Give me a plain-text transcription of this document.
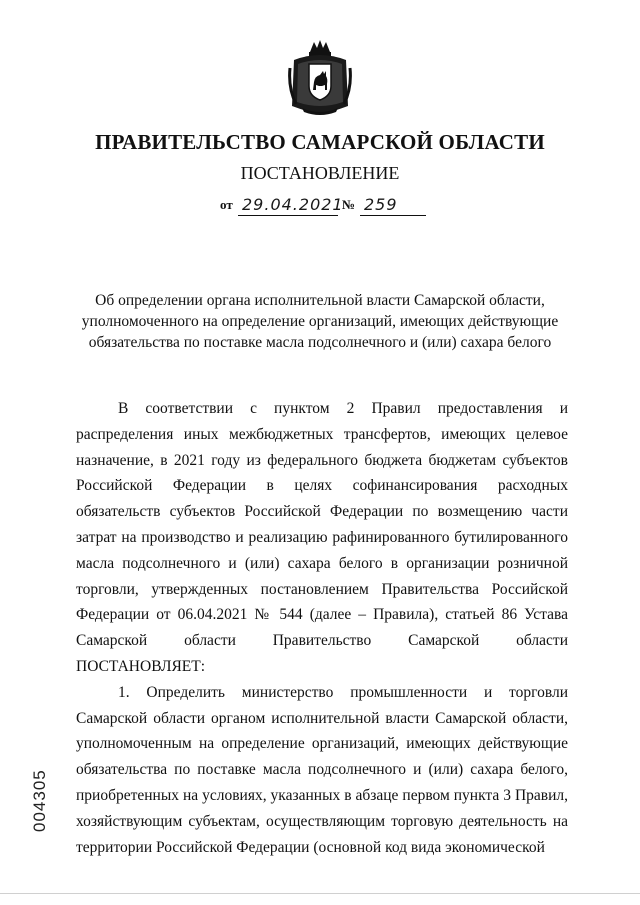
ПРАВИТЕЛЬСТВО САМАРСКОЙ ОБЛАСТИ
ПОСТАНОВЛЕНИЕ
от 29.04.2021
№ 259
Об определении органа исполнительной власти Самарской области,
уполномоченного на определение организаций, имеющих действующие
обязательства по поставке масла подсолнечного и (или) сахара белого

В соответствии с пунктом 2 Правил предоставления и распределения иных межбюджетных трансфертов, имеющих целевое назначение, в 2021 году из федерального бюджета бюджетам субъектов Российской Федерации в целях софинансирования расходных обязательств субъектов Российской Федерации по возмещению части затрат на производство и реализацию рафинированного бутилированного масла подсолнечного и (или) сахара белого в организации розничной торговли, утвержденных постановлением Правительства Российской Федерации от 06.04.2021 № 544 (далее – Правила), статьей 86 Устава Самарской области Правительство Самарской области ПОСТАНОВЛЯЕТ:

1. Определить министерство промышленности и торговли Самарской области органом исполнительной власти Самарской области, уполномоченным на определение организаций, имеющих действующие обязательства по поставке масла подсолнечного и (или) сахара белого, приобретенных на условиях, указанных в абзаце первом пункта 3 Правил, хозяйствующим субъектам, осуществляющим торговую деятельность на территории Российской Федерации (основной код вида экономической

004305
